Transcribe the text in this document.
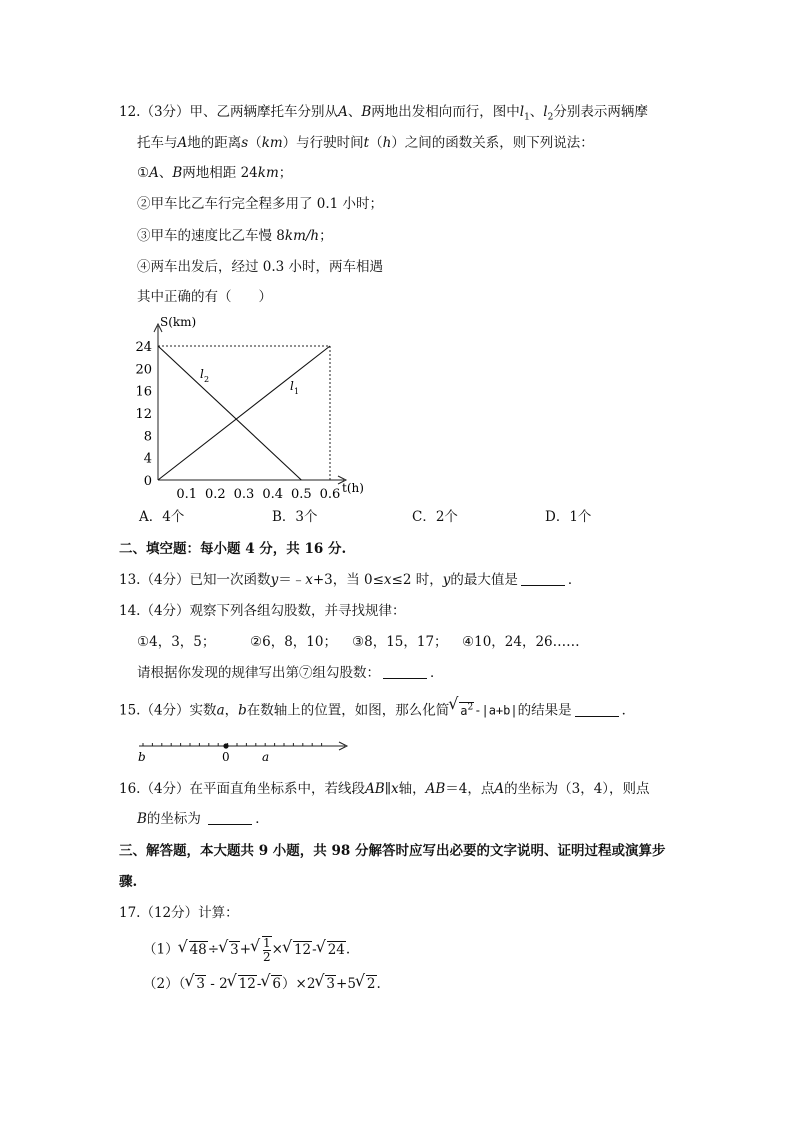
12.（3分）甲、乙两辆摩托车分别从A、B两地出发相向而行，图中$l_1$、$l_2$分别表示两辆摩
托车与A地的距离s（km）与行驶时间t（h）之间的函数关系，则下列说法：
①A、B两地相距 24km；
②甲车比乙车行完全程多用了 0.1 小时；
③甲车的速度比乙车慢 8km/h；
④两车出发后，经过 0.3 小时，两车相遇
其中正确的有（　　）
S(km)
t(h)
0
4
8
12
16
20
24
0.1 0.2 0.3 0.4 0.5 0.6
l 1
l 2
A．4个	B．3个	C．2个	D．1个
二、填空题：每小题 4 分，共 16 分.
13.（4分）已知一次函数y＝﹣x+3，当 0≤x≤2 时，y的最大值是	．
14.（4分）观察下列各组勾股数，并寻找规律：
①4，3，5；	②6，8，10； ③8，15，17； ④10，24，26……
请根据你发现的规律写出第⑦组勾股数：	．
15.（4分）实数a，b在数轴上的位置，如图，那么化简 √ $a^2-|a+b|$的结果是	．
b	0	a
16.（4分）在平面直角坐标系中，若线段AB∥x轴，AB＝4，点A的坐标为（3，4），则点
B的坐标为	．
三、解答题，本大题共 9 小题，共 98 分解答时应写出必要的文字说明、证明过程或演算步
骤.
17.（12分）计算：
（1） √ 48÷ √ 3+ √ $\frac{1}{2}$ × √ 12- √ 24.
（2）（ √ 3 - 2 √ 12- √ 6）×2 √ 3+5 √ 2.
